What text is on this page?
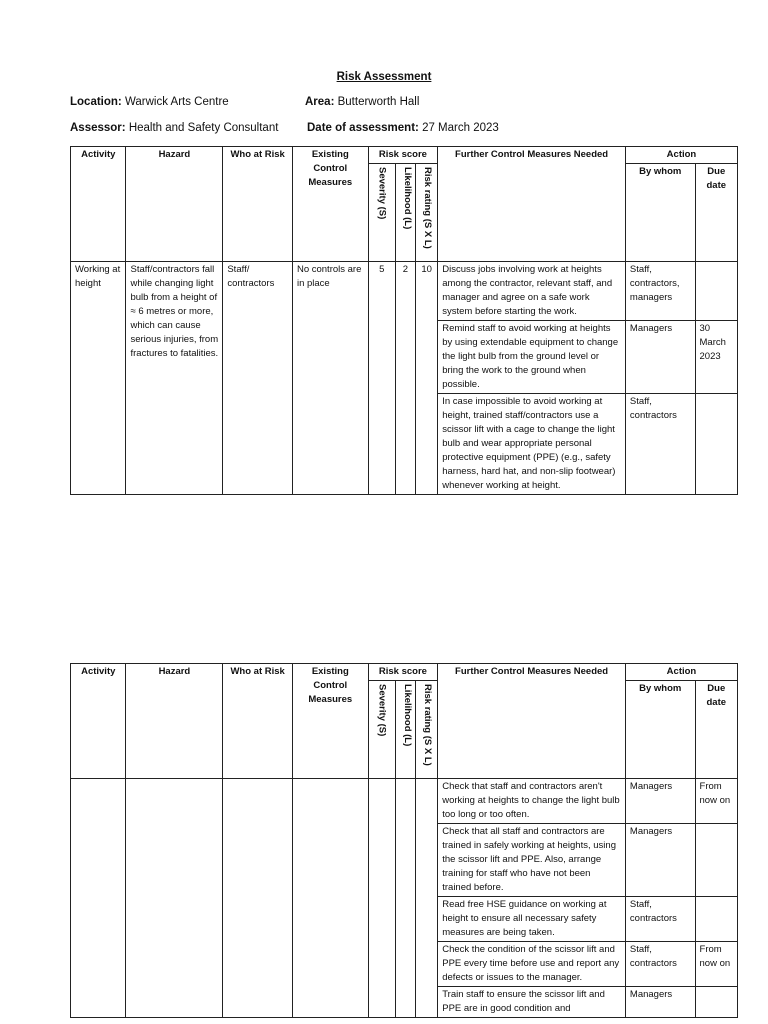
Risk Assessment
Location: Warwick Arts Centre	Area: Butterworth Hall
Assessor: Health and Safety Consultant Date of assessment: 27 March 2023
Activity	Hazard	Who at Risk	Existing Control Measures	Risk score			Further Control Measures Needed	Action	

				Severity (S)	Likelihood (L)	Risk rating (S X L)		By whom	Due date
Working at height	Staff/contractors fall while changing light bulb from a height of ≈ 6 metres or more, which can cause serious injuries, from fractures to fatalities.	Staff/ contractors	No controls are in place	5	2	10	Discuss jobs involving work at heights among the contractor, relevant staff, and manager and agree on a safe work system before starting the work.	Staff, contractors, managers	
							Remind staff to avoid working at heights by using extendable equipment to change the light bulb from the ground level or bring the work to the ground when possible.	Managers	30 March 2023
							In case impossible to avoid working at height, trained staff/contractors use a scissor lift with a cage to change the light bulb and wear appropriate personal protective equipment (PPE) (e.g., safety harness, hard hat, and non-slip footwear) whenever working at height.	Staff, contractors	
Activity	Hazard	Who at Risk	Existing Control Measures	Risk score			Further Control Measures Needed	Action	

				Severity (S)	Likelihood (L)	Risk rating (S X L)		By whom	Due date
							Check that staff and contractors aren't working at heights to change the light bulb too long or too often.	Managers	From now on
							Check that all staff and contractors are trained in safely working at heights, using the scissor lift and PPE. Also, arrange training for staff who have not been trained before.	Managers	
							Read free HSE guidance on working at height to ensure all necessary safety measures are being taken.	Staff, contractors	
							Check the condition of the scissor lift and PPE every time before use and report any defects or issues to the manager.	Staff, contractors	From now on
							Train staff to ensure the scissor lift and PPE are in good condition and	Managers	
